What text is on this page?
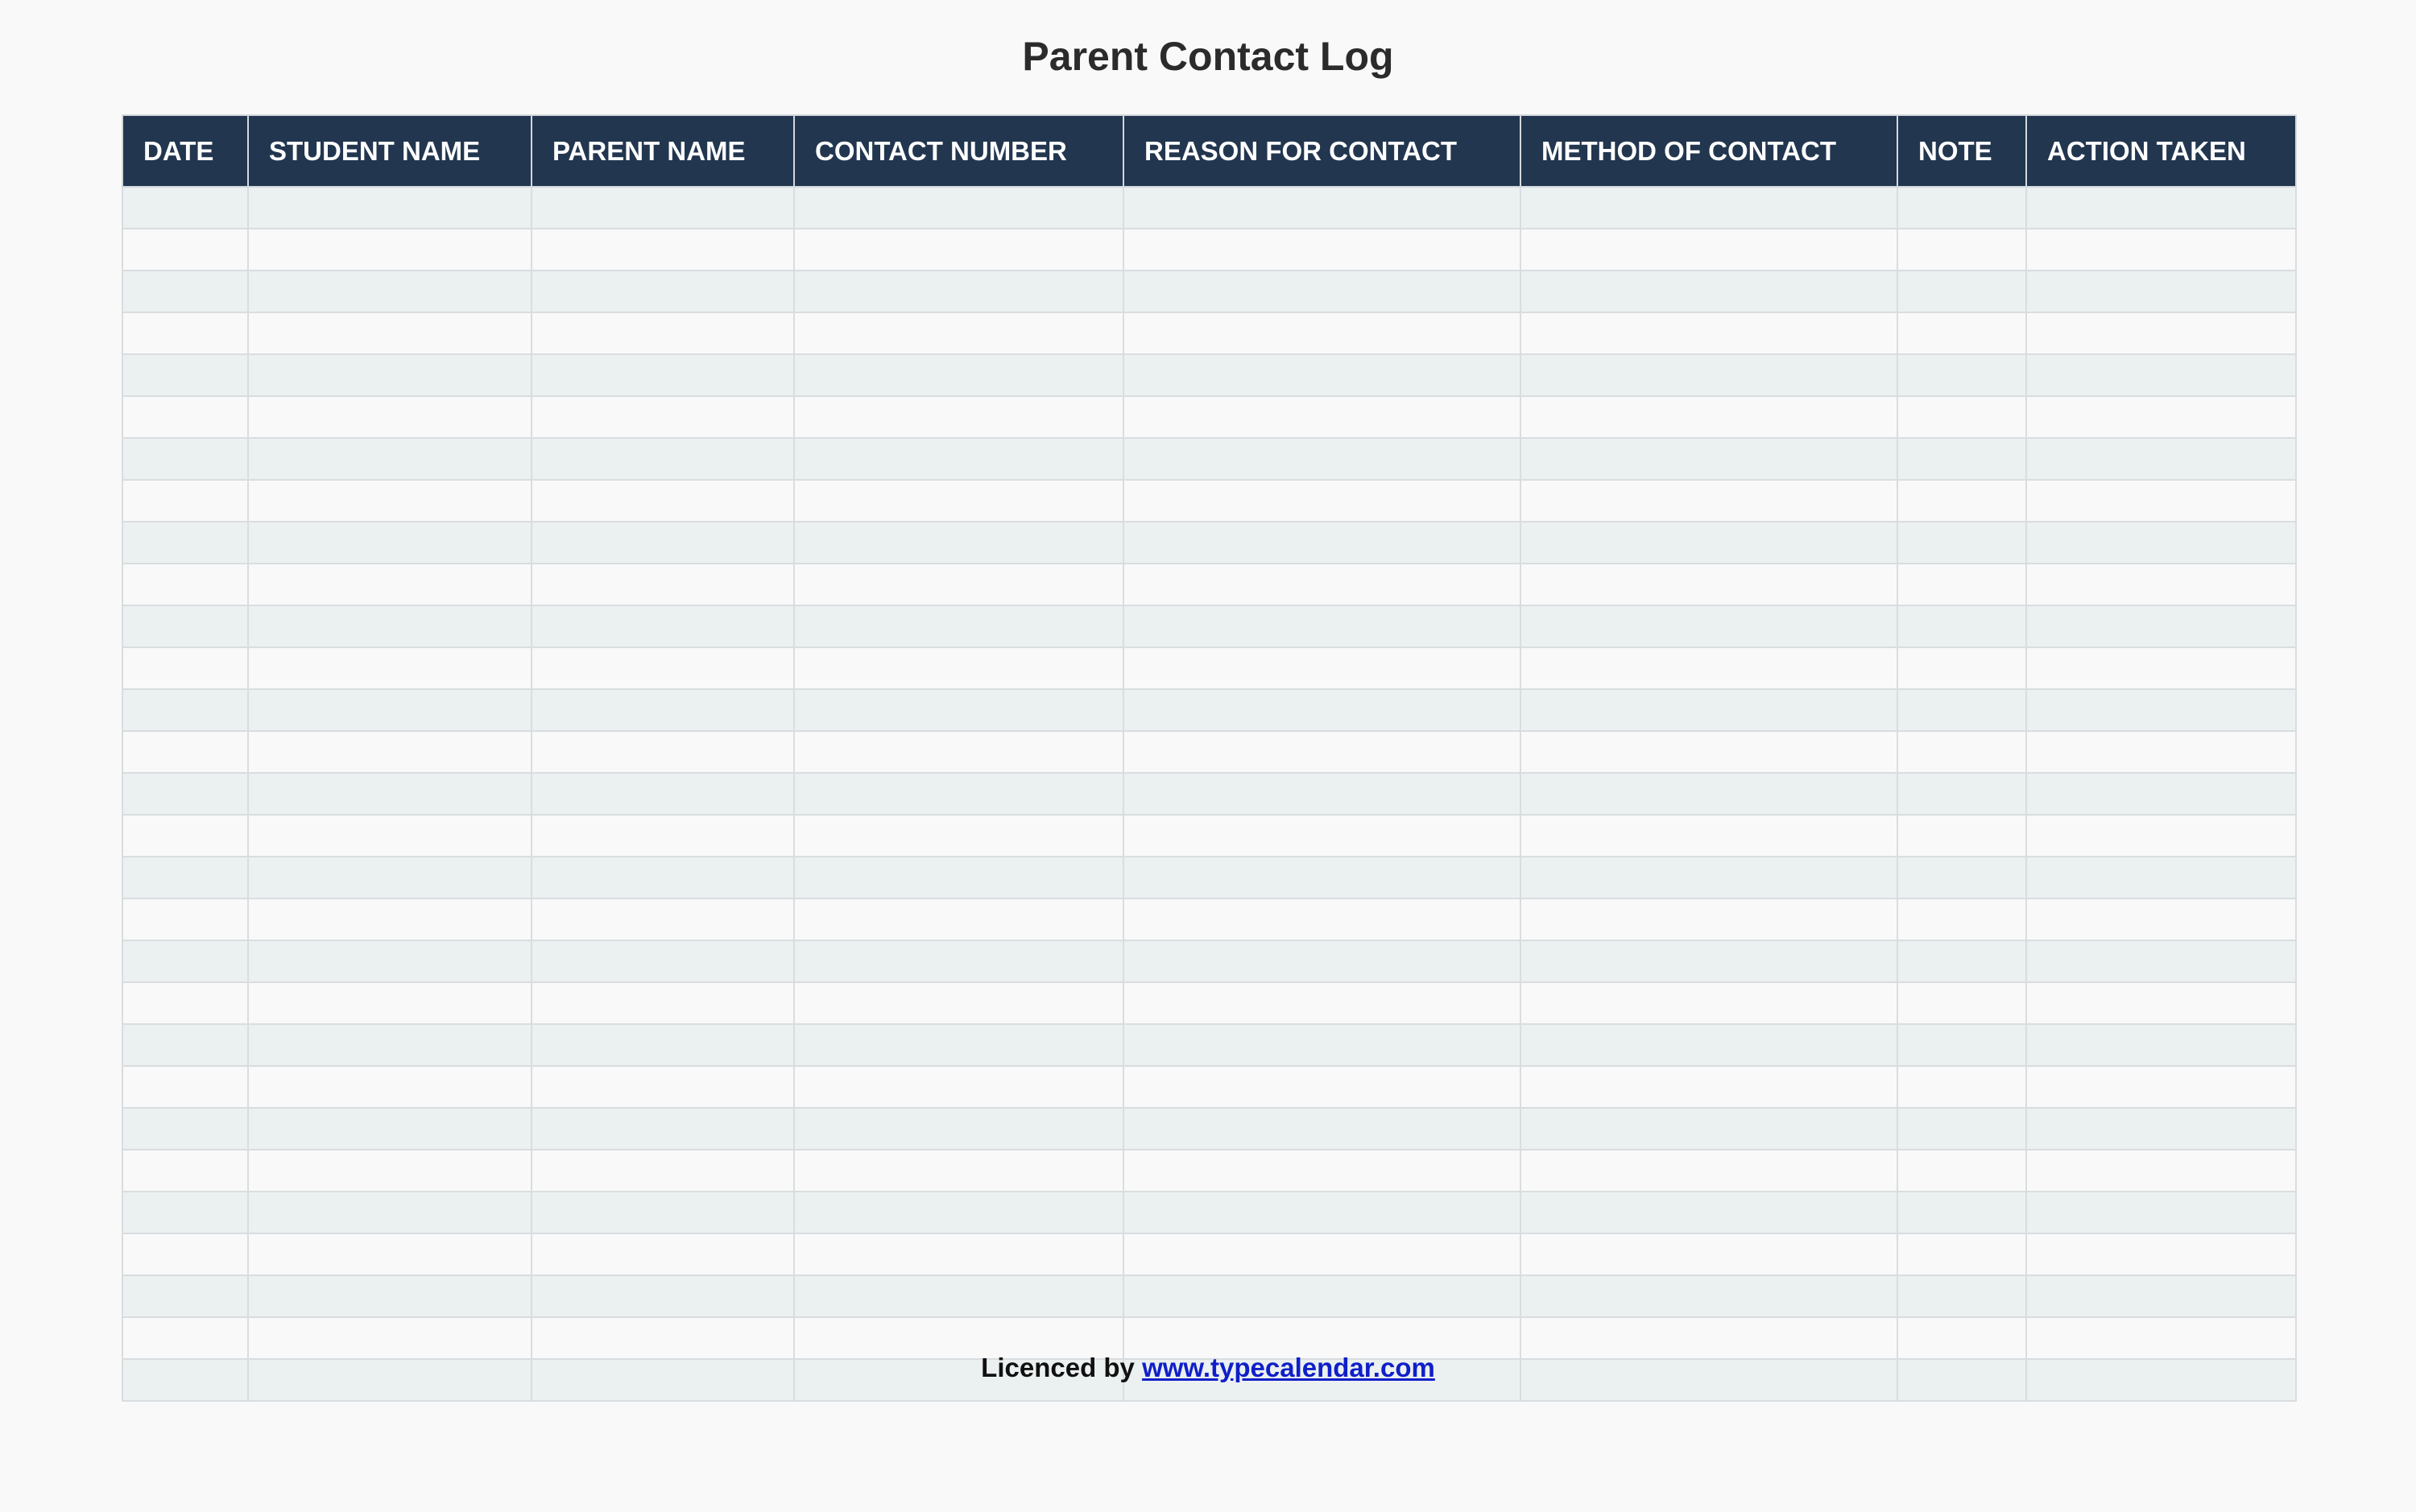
Parent Contact Log
DATE	STUDENT NAME	PARENT NAME	CONTACT NUMBER	REASON FOR CONTACT	METHOD OF CONTACT	NOTE	ACTION TAKEN

Licenced by www.typecalendar.com
